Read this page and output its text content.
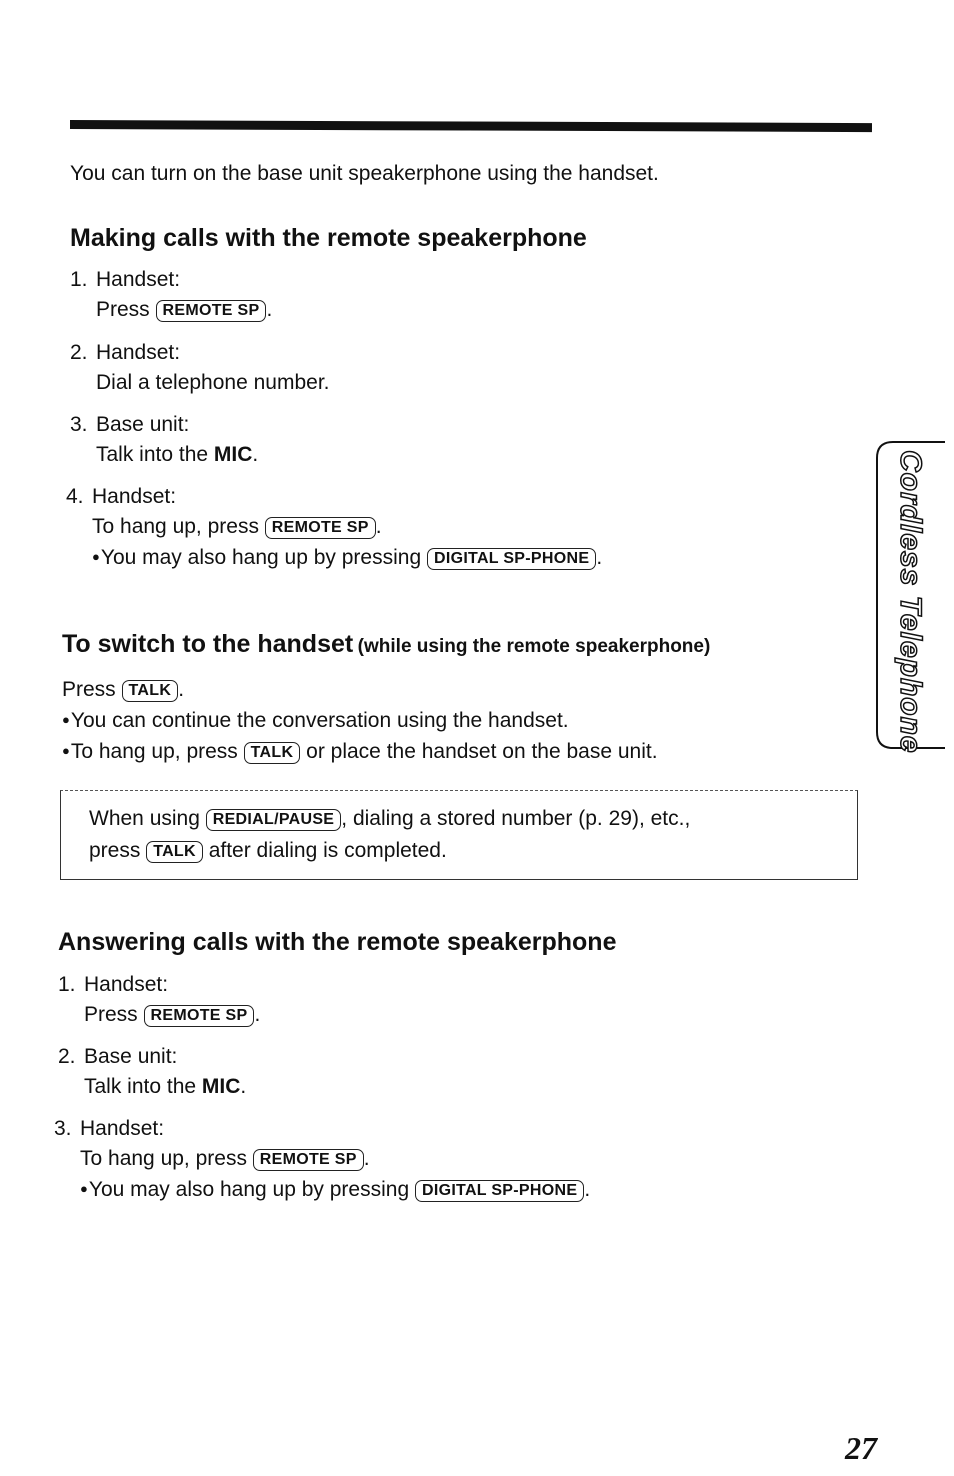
You can turn on the base unit speakerphone using the handset.
Making calls with the remote speakerphone
1. Handset:
Press REMOTE SP .
2. Handset:
Dial a telephone number.
3. Base unit:
Talk into the MIC.
4. Handset:
To hang up, press REMOTE SP .
● You may also hang up by pressing DIGITAL SP-PHONE .
To switch to the handset (while using the remote speakerphone)
Press TALK .
● You can continue the conversation using the handset.
● To hang up, press TALK or place the handset on the base unit.
When using REDIAL/PAUSE , dialing a stored number (p. 29), etc.,
press TALK after dialing is completed.
Answering calls with the remote speakerphone
1. Handset:
Press REMOTE SP .
2. Base unit:
Talk into the MIC.
3. Handset:
To hang up, press REMOTE SP .
● You may also hang up by pressing DIGITAL SP-PHONE .
Cordless Telephone
27
